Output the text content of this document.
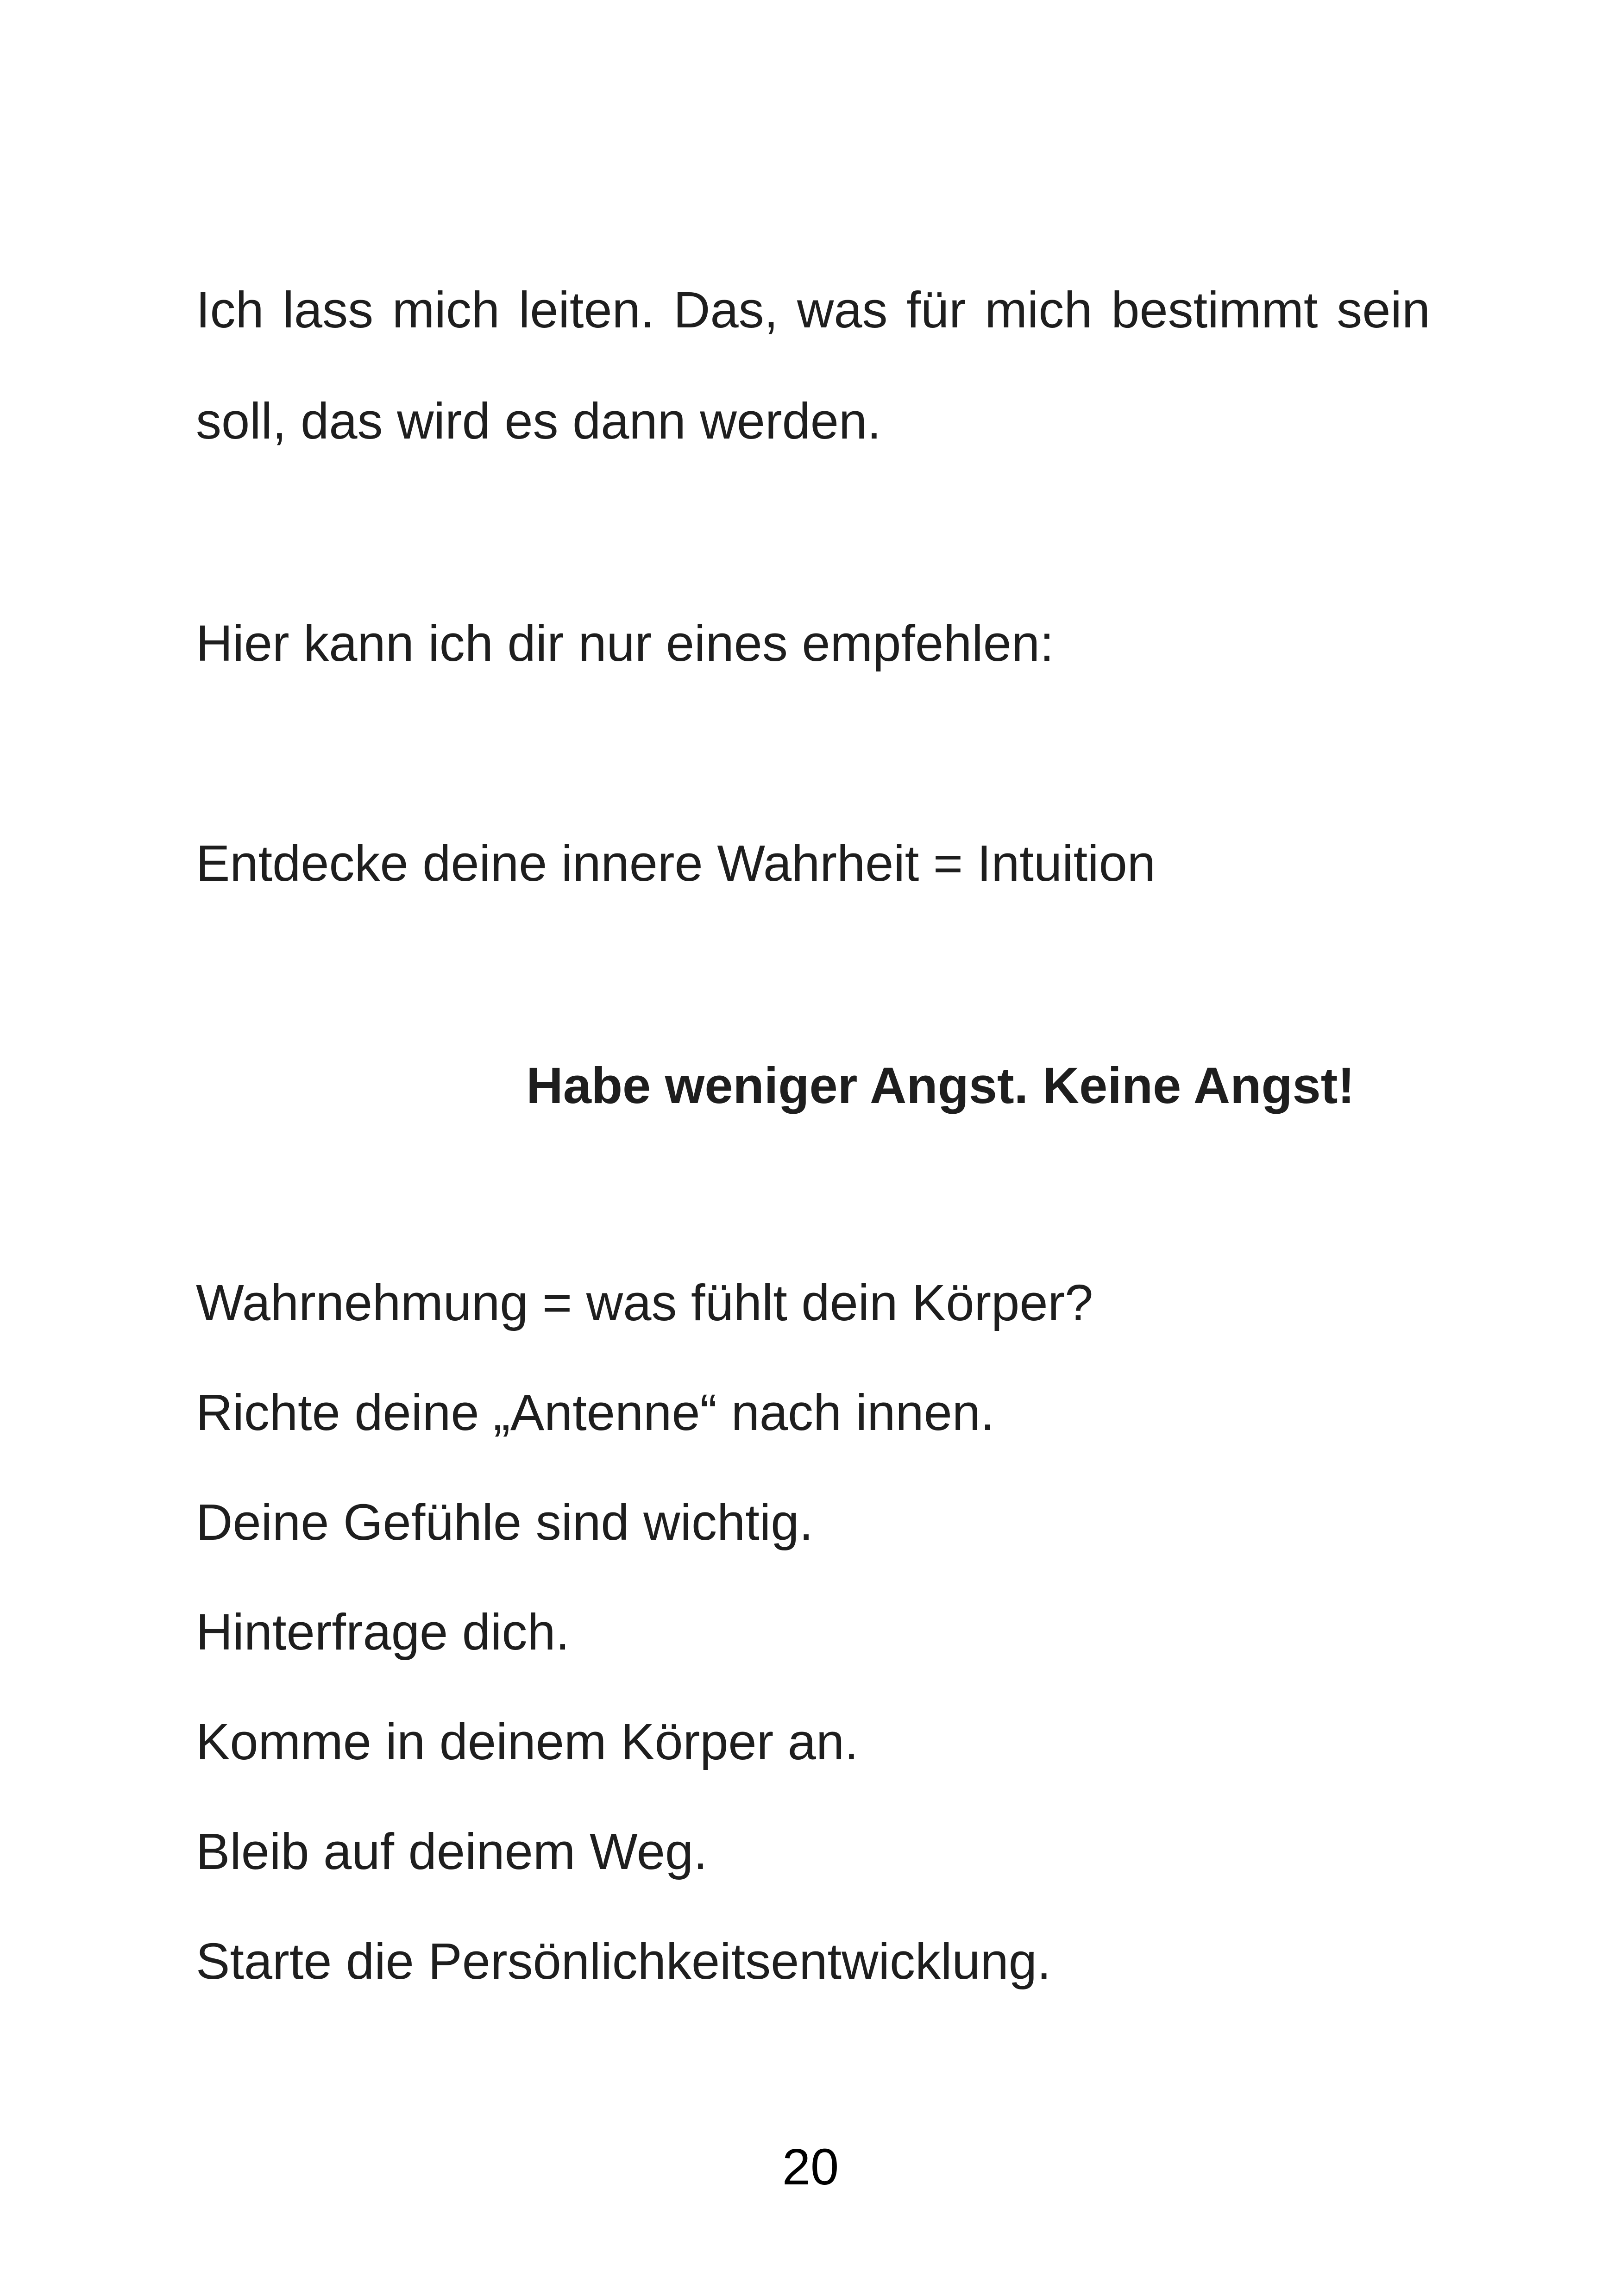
Ich lass mich leiten. Das, was für mich bestimmt sein soll, das wird es dann werden.

Hier kann ich dir nur eines empfehlen:

Entdecke deine innere Wahrheit = Intuition

Habe weniger Angst. Keine Angst!

Wahrnehmung = was fühlt dein Körper?
Richte deine „Antenne“ nach innen.
Deine Gefühle sind wichtig.
Hinterfrage dich.
Komme in deinem Körper an.
Bleib auf deinem Weg.
Starte die Persönlichkeitsentwicklung.

20
